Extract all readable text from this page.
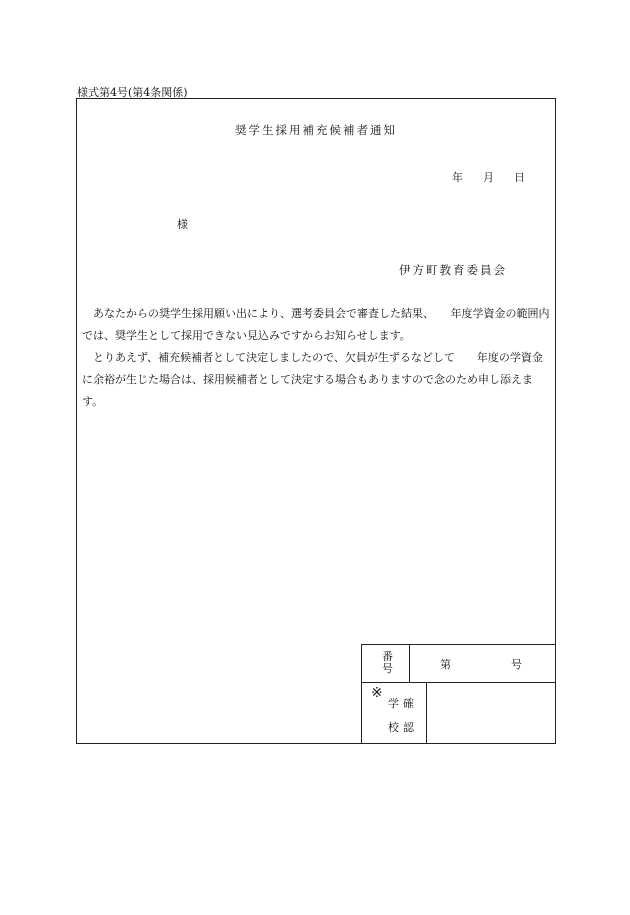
様式第4号(第4条関係)
奨学生採用補充候補者通知
年 月 日
様
伊方町教育委員会

あなたからの奨学生採用願い出により、選考委員会で審査した結果、　　年度学資金の範囲内では、奨学生として採用できない見込みですからお知らせします。

とりあえず、補充候補者として決定しましたので、欠員が生ずるなどして　　年度の学資金に余裕が生じた場合は、採用候補者として決定する場合もありますので念のため申し添えます。

番
号	第	号
※
学確
校認
